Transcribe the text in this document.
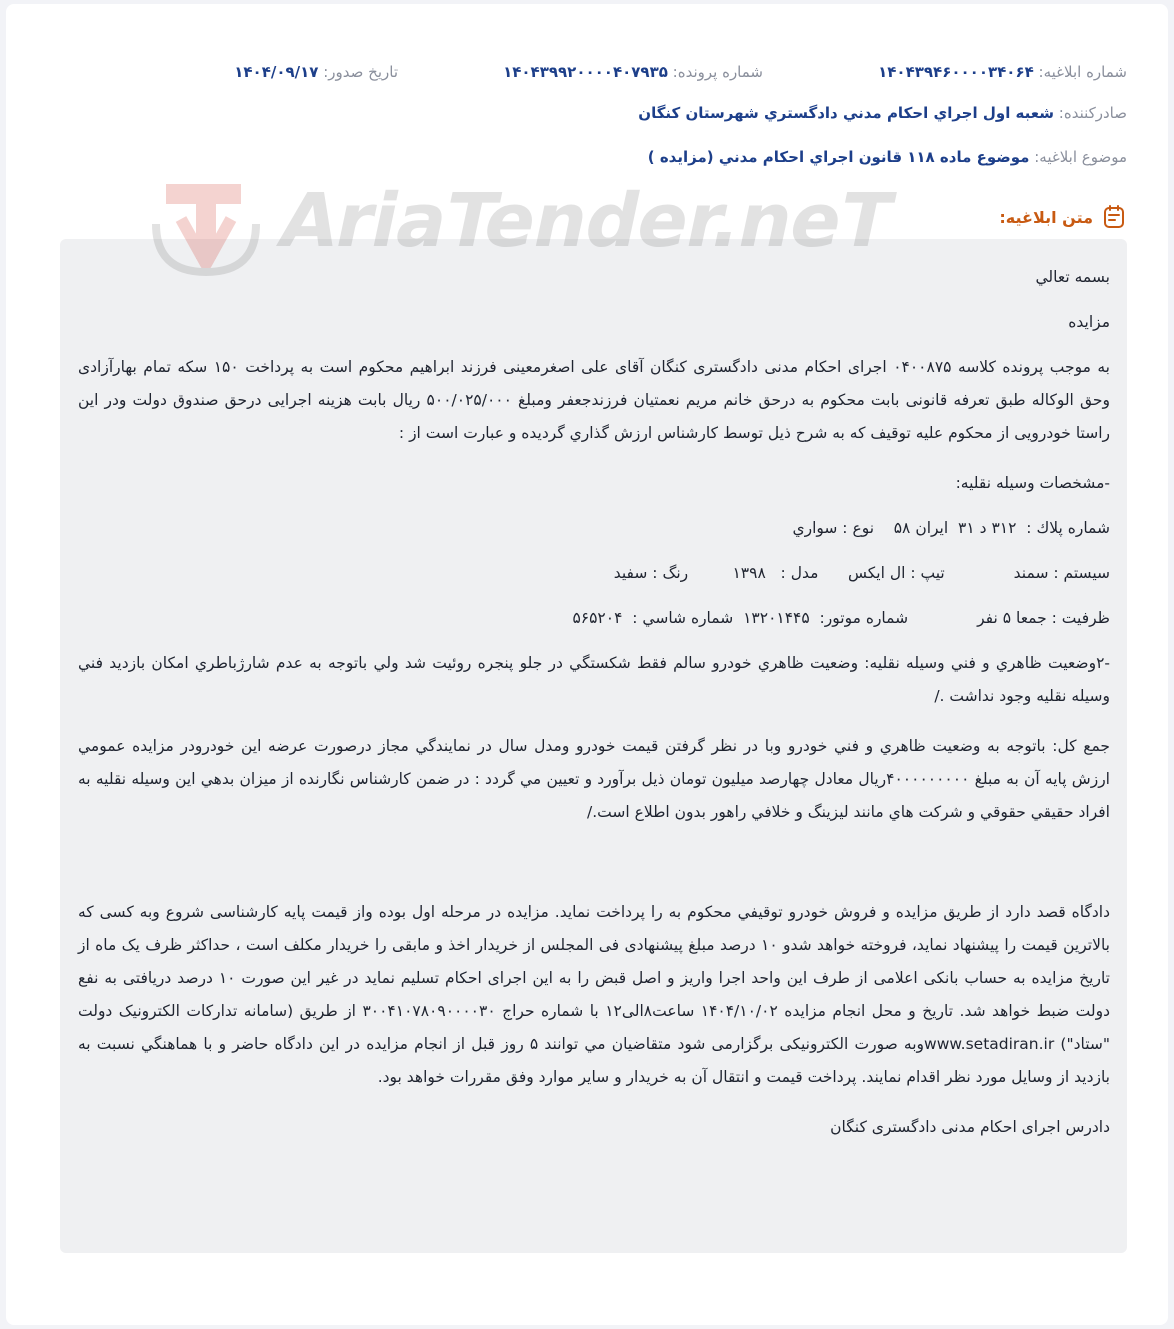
شماره ابلاغیه: ۱۴۰۴۳۹۴۶۰۰۰۰۳۴۰۶۴
شماره پرونده: ۱۴۰۴۳۹۹۲۰۰۰۰۴۰۷۹۳۵
تاریخ صدور: ۱۴۰۴/۰۹/۱۷
صادرکننده: شعبه اول اجراي احكام مدني دادگستري شهرستان كنگان
موضوع ابلاغیه: موضوع ماده ۱۱۸ قانون اجراي احكام مدني (مزايده )
متن ابلاغیه:

بسمه تعالي

مزايده

به موجب پرونده كلاسه ۰۴۰۰۸۷۵ اجرای احكام مدنی دادگستری كنگان آقای علی اصغرمعينی فرزند ابراهيم محكوم است به پرداخت ۱۵۰ سكه تمام بهارآزادی وحق الوكاله طبق تعرفه قانونی بابت محكوم به درحق خانم مريم نعمتيان فرزندجعفر ومبلغ ۵۰۰/۰۲۵/۰۰۰ ريال بابت هزينه اجرايی درحق صندوق دولت ودر اين راستا خودرويی از محكوم عليه توقيف كه به شرح ذيل توسط كارشناس ارزش گذاري گرديده و عبارت است از :

-مشخصات وسيله نقليه:

شماره پلاك :  ۳۱۲ د ۳۱  ايران ۵۸    نوع : سواري

سيستم : سمند              تيپ : ال ايكس      مدل :   ۱۳۹۸         رنگ : سفيد

ظرفيت : جمعا ۵ نفر              شماره موتور:  ۱۳۲۰۱۴۴۵  شماره شاسي :  ۵۶۵۲۰۴

-۲وضعيت ظاهري و فني وسيله نقليه: وضعيت ظاهري خودرو سالم فقط شكستگي در جلو پنجره روئيت شد ولي باتوجه به عدم شارژباطري امكان بازديد فني وسيله نقليه وجود نداشت ./

جمع كل: باتوجه به وضعيت ظاهري و فني خودرو وبا در نظر گرفتن قيمت خودرو ومدل سال در نمايندگي مجاز درصورت عرضه اين خودرودر مزايده عمومي ارزش پايه آن به مبلغ ۴۰۰۰۰۰۰۰۰۰ريال معادل چهارصد ميليون تومان ذيل برآورد و تعيين مي گردد : در ضمن كارشناس نگارنده از ميزان بدهي اين وسيله نقليه به افراد حقيقي حقوقي و شركت هاي مانند ليزينگ و خلافي راهور بدون اطلاع است./

دادگاه قصد دارد از طريق مزايده و فروش خودرو توقيفي محكوم به را پرداخت نمايد. مزايده در مرحله اول بوده واز قيمت پايه كارشناسی شروع وبه كسی كه بالاترين قيمت را پيشنهاد نمايد، فروخته خواهد شدو ۱۰ درصد مبلغ پيشنهادی فی المجلس از خريدار اخذ و مابقی را خريدار مكلف است ، حداكثر ظرف يک ماه از تاريخ مزايده به حساب بانكی اعلامی از طرف اين واحد اجرا واريز و اصل قبض را به اين اجرای احكام تسليم نمايد در غير اين صورت ۱۰ درصد دريافتی به نفع دولت ضبط خواهد شد. تاريخ و محل انجام مزايده ۱۴۰۴/۱۰/۰۲ ساعت۸الی۱۲ با شماره حراج ۳۰۰۴۱۰۷۸۰۹۰۰۰۰۳۰ از طريق (سامانه تداركات الكترونيک دولت "ستاد") www.setadiran.irوبه صورت الكترونيكی برگزارمی شود متقاضيان مي توانند ۵ روز قبل از انجام مزايده در اين دادگاه حاضر و با هماهنگي نسبت به بازديد از وسايل مورد نظر اقدام نمايند. پرداخت قيمت و انتقال آن به خريدار و ساير موارد وفق مقررات خواهد بود.

دادرس اجرای احكام مدنی دادگستری كنگان

AriaTender.neT
